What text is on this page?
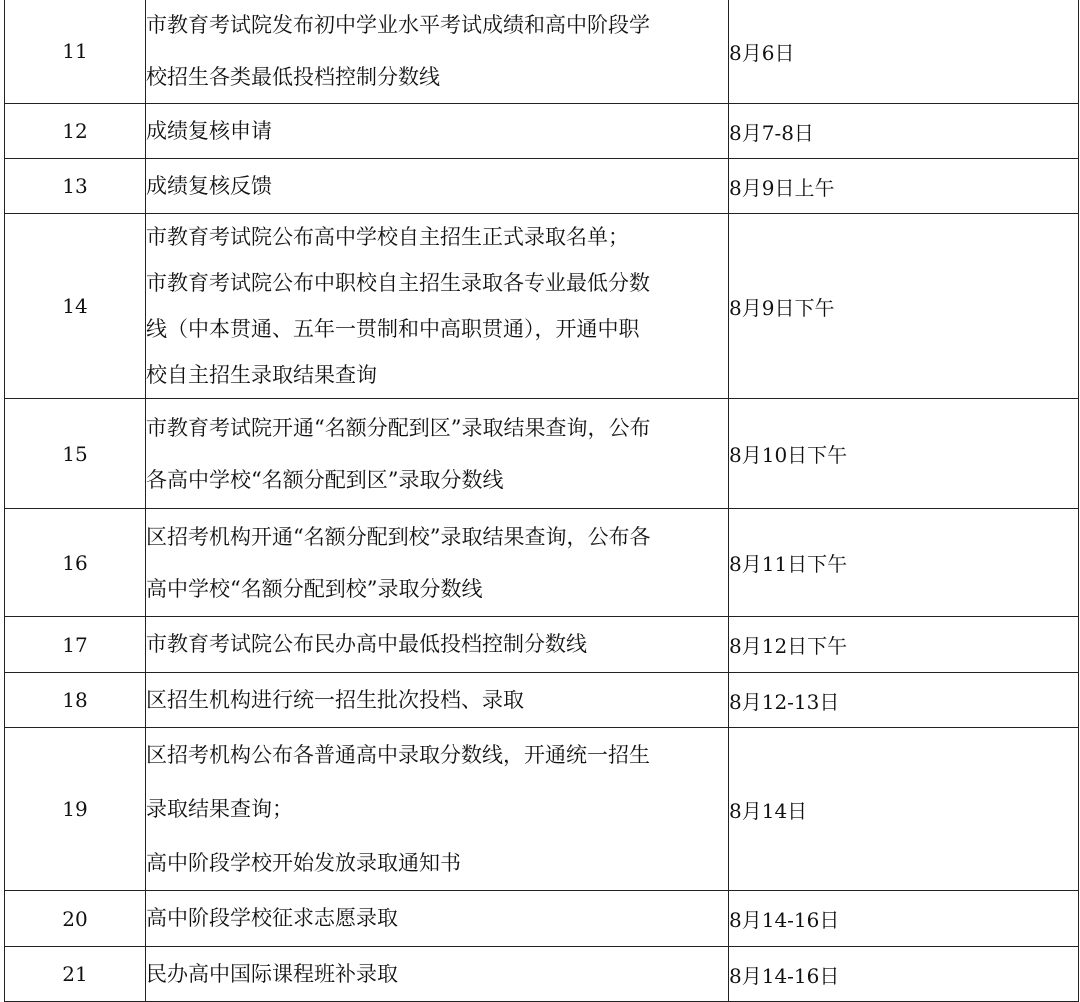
11	市教育考试院发布初中学业水平考试成绩和高中阶段学
校招生各类最低投档控制分数线	8月6日
12	成绩复核申请	8月7-8日
13	成绩复核反馈	8月9日上午
14	市教育考试院公布高中学校自主招生正式录取名单；
市教育考试院公布中职校自主招生录取各专业最低分数
线（中本贯通、五年一贯制和中高职贯通），开通中职
校自主招生录取结果查询	8月9日下午
15	市教育考试院开通“名额分配到区”录取结果查询，公布
各高中学校“名额分配到区”录取分数线	8月10日下午
16	区招考机构开通“名额分配到校”录取结果查询，公布各
高中学校“名额分配到校”录取分数线	8月11日下午
17	市教育考试院公布民办高中最低投档控制分数线	8月12日下午
18	区招生机构进行统一招生批次投档、录取	8月12-13日
19	区招考机构公布各普通高中录取分数线，开通统一招生
录取结果查询；
高中阶段学校开始发放录取通知书	8月14日
20	高中阶段学校征求志愿录取	8月14-16日
21	民办高中国际课程班补录取	8月14-16日
